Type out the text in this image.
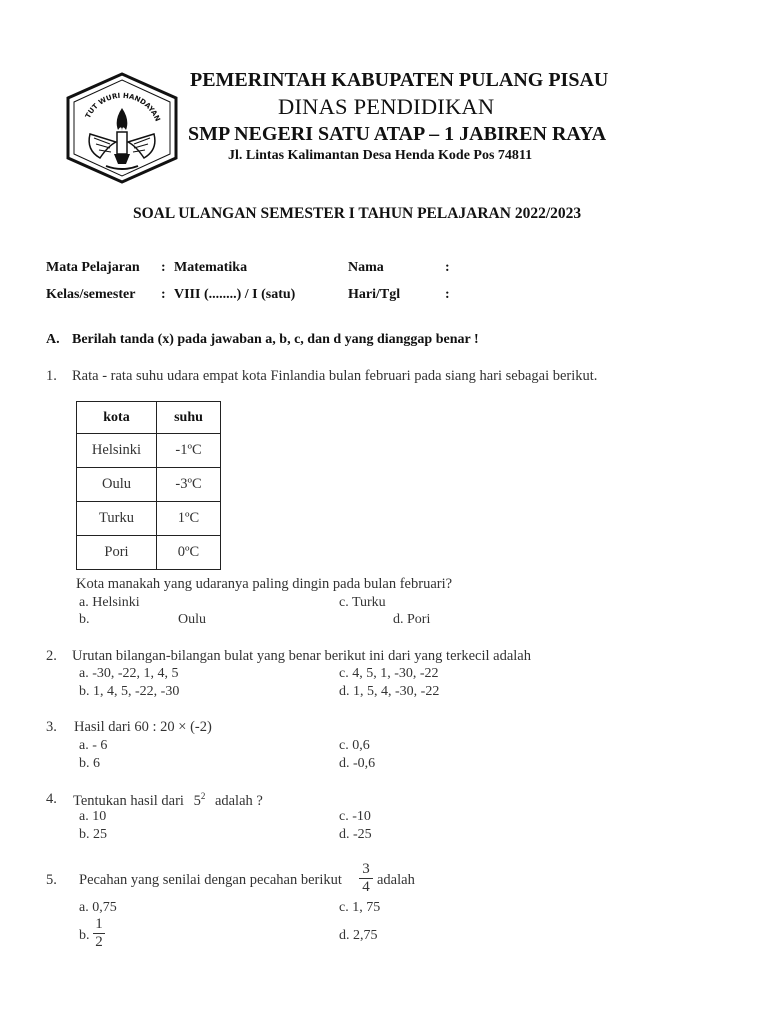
TUT WURI HANDAYAN
PEMERINTAH KABUPATEN PULANG PISAU
DINAS PENDIDIKAN
SMP NEGERI SATU ATAP – 1 JABIREN RAYA
Jl. Lintas Kalimantan Desa Henda Kode Pos 74811
SOAL ULANGAN SEMESTER I TAHUN PELAJARAN 2022/2023
Mata Pelajaran : Matematika	Nama	:
Kelas/semester : VIII (........) / I (satu)	Hari/Tgl	:
A. Berilah tanda (x) pada jawaban a, b, c, dan d yang dianggap benar !
1. Rata - rata suhu udara empat kota Finlandia bulan februari pada siang hari sebagai berikut.
kota	suhu
Helsinki	-1ºC
Oulu	-3ºC
Turku	1ºC
Pori	0ºC
Kota manakah yang udaranya paling dingin pada bulan februari?
a. Helsinki
b.	Oulu
c. Turku
d. Pori
2. Urutan bilangan-bilangan bulat yang benar berikut ini dari yang terkecil adalah
a. -30, -22, 1, 4, 5
b. 1, 4, 5, -22, -30
c. 4, 5, 1, -30, -22
d. 1, 5, 4, -30, -22
3. Hasil dari 60 : 20 × (-2)
a. - 6
b. 6
c. 0,6
d. -0,6
4. Tentukan hasil dari $5^2$ adalah ?
a. 10
b. 25
c. -10
d. -25
5. Pecahan yang senilai dengan pecahan berikut
3
4 adalah
a. 0,75
b.
1
2
c. 1, 75
d. 2,75
